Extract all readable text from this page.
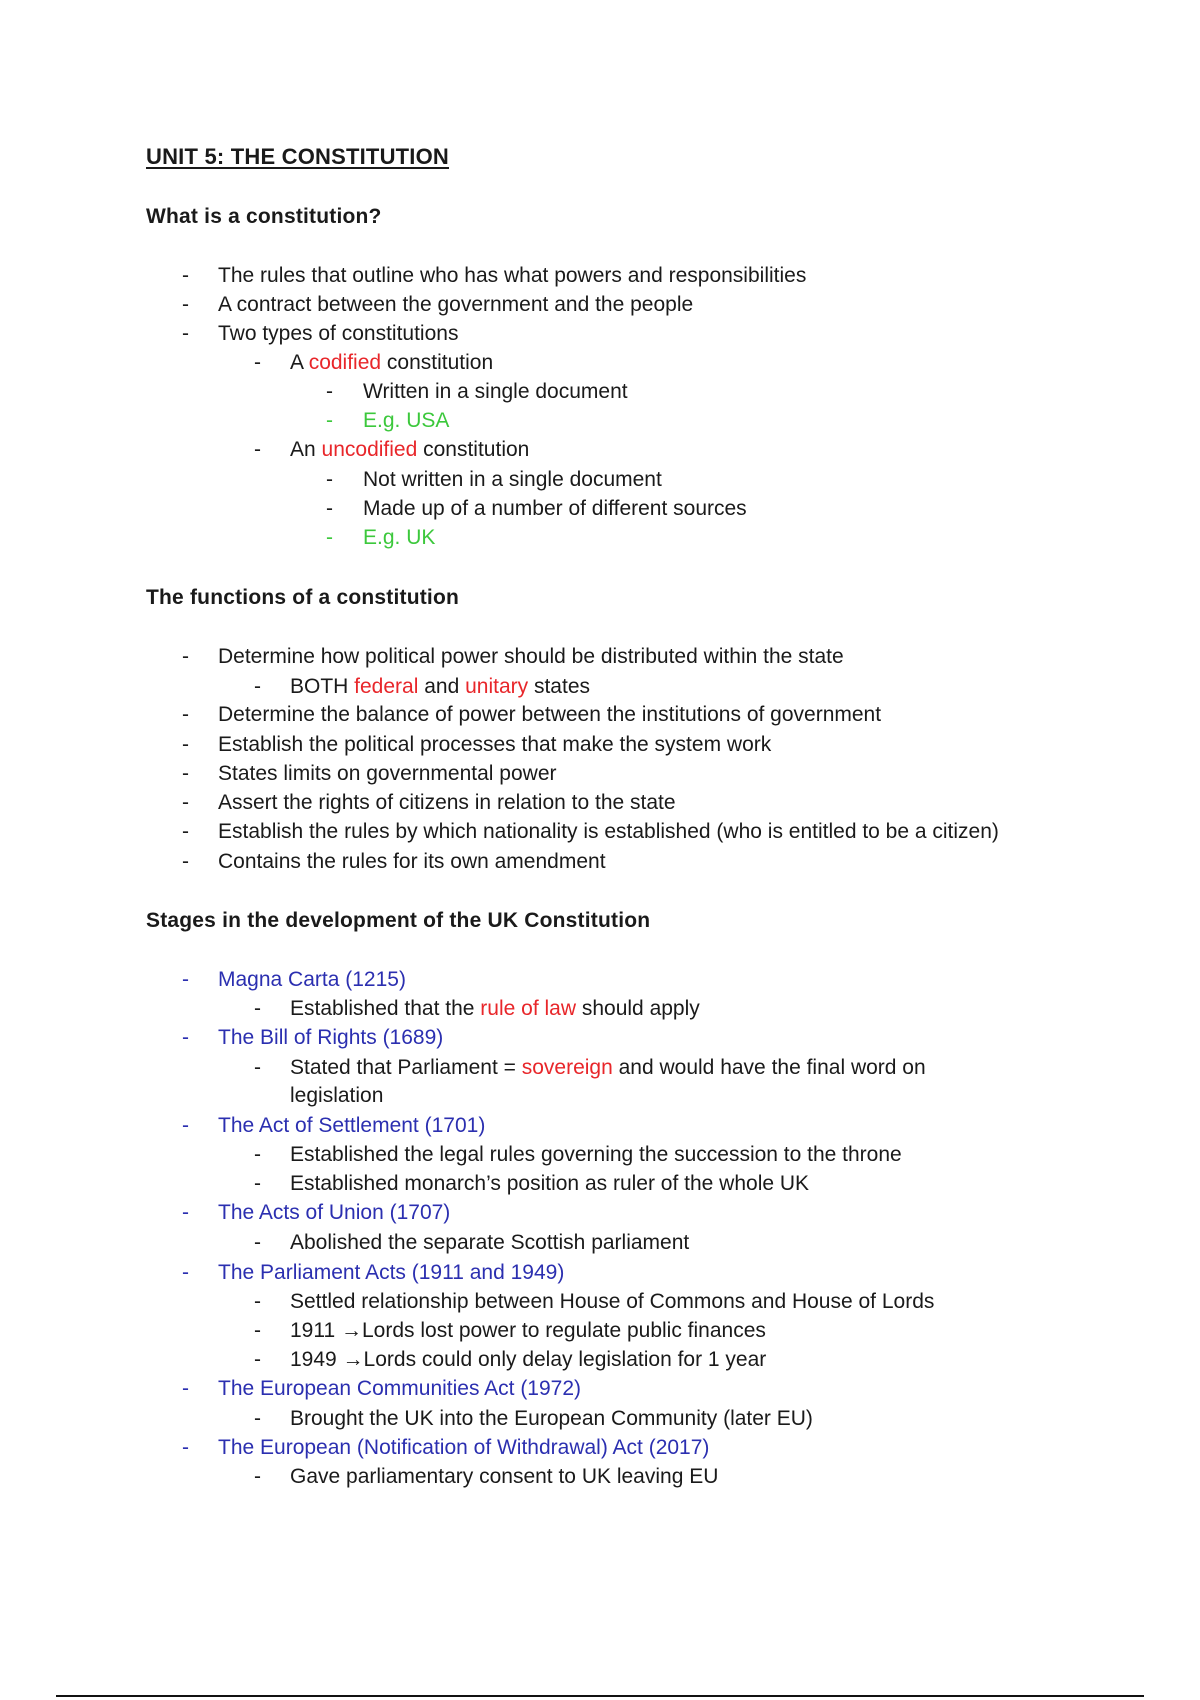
UNIT 5: THE CONSTITUTION
What is a constitution?
-	The rules that outline who has what powers and responsibilities
-	A contract between the government and the people
-	Two types of constitutions
-	A codified constitution
-	Written in a single document
-	E.g. USA
-	An uncodified constitution
-	Not written in a single document
-	Made up of a number of different sources
-	E.g. UK
The functions of a constitution
-	Determine how political power should be distributed within the state
-	BOTH federal and unitary states
-	Determine the balance of power between the institutions of government
-	Establish the political processes that make the system work
-	States limits on governmental power
-	Assert the rights of citizens in relation to the state
-	Establish the rules by which nationality is established (who is entitled to be a citizen)
-	Contains the rules for its own amendment
Stages in the development of the UK Constitution
-	Magna Carta (1215)
-	Established that the rule of law should apply
-	The Bill of Rights (1689)
-	Stated that Parliament = sovereign and would have the final word on
legislation
-	The Act of Settlement (1701)
-	Established the legal rules governing the succession to the throne
-	Established monarch’s position as ruler of the whole UK
-	The Acts of Union (1707)
-	Abolished the separate Scottish parliament
-	The Parliament Acts (1911 and 1949)
-	Settled relationship between House of Commons and House of Lords
-	1911 →Lords lost power to regulate public finances
-	1949 →Lords could only delay legislation for 1 year
-	The European Communities Act (1972)
-	Brought the UK into the European Community (later EU)
-	The European (Notification of Withdrawal) Act (2017)
-	Gave parliamentary consent to UK leaving EU
